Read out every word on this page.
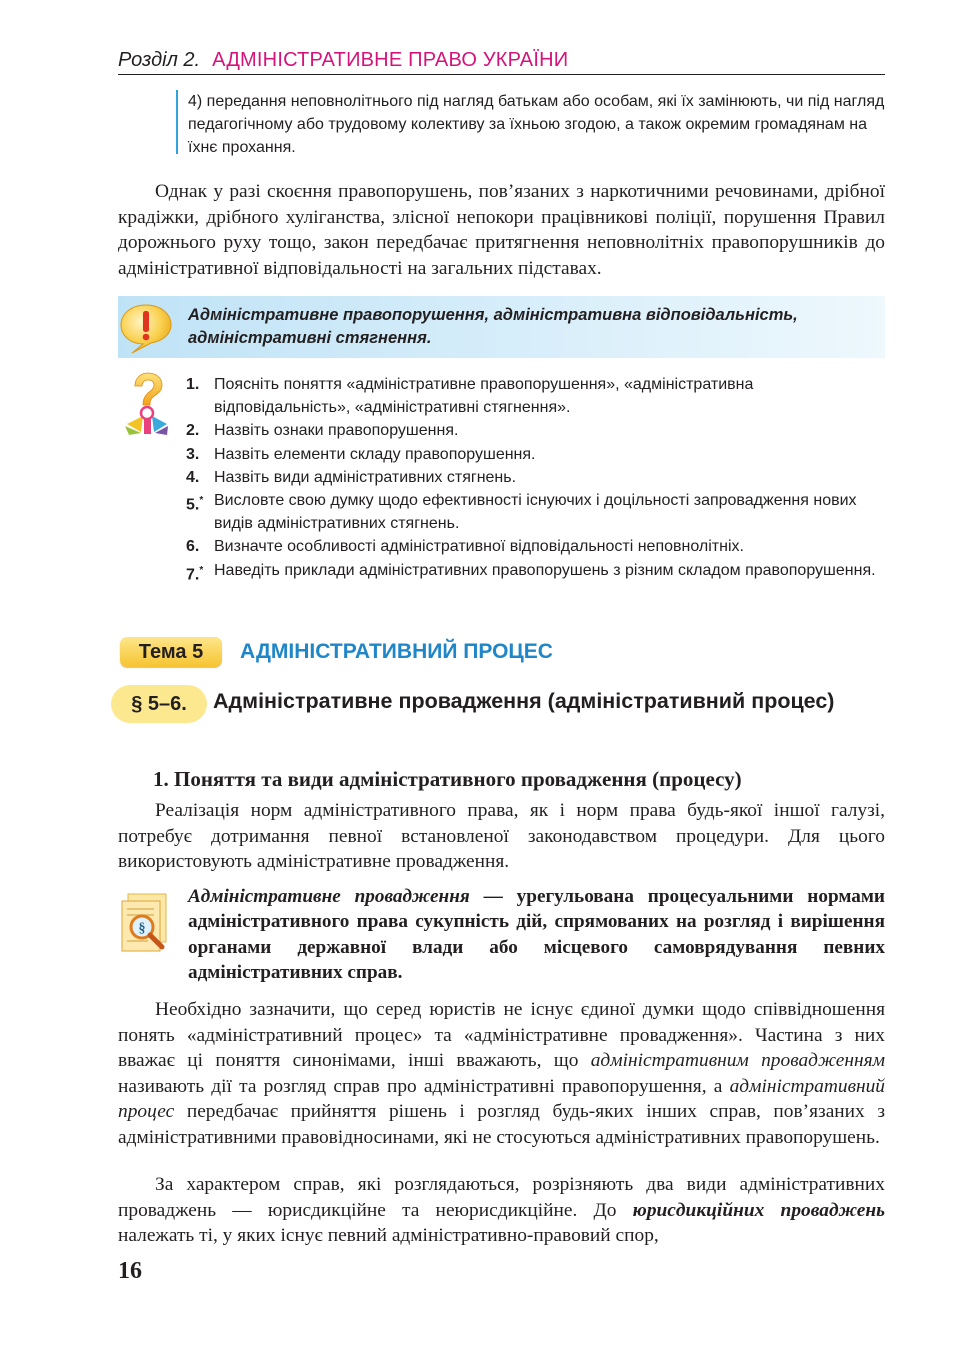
Розділ 2. АДМІНІСТРАТИВНЕ ПРАВО УКРАЇНИ
4) передання неповнолітнього під нагляд батькам або особам, які їх замінюють, чи під нагляд педагогічному або трудовому колективу за їхньою згодою, а також окремим громадянам на їхнє прохання.
Однак у разі скоєння правопорушень, пов’язаних з наркотичними речовинами, дрібної крадіжки, дрібного хуліганства, злісної непокори працівникові поліції, порушення Правил дорожнього руху тощо, закон передбачає притягнення неповнолітніх правопорушників до адміністративної відповідальності на загальних підставах.
Адміністративне правопорушення, адміністративна відповідальність, адміністративні стягнення.
1. Поясніть поняття «адміністративне правопорушення», «адміністративна відповідальність», «адміністративні стягнення».
2. Назвіть ознаки правопорушення.
3. Назвіть елементи складу правопорушення.
4. Назвіть види адміністративних стягнень.
5.* Висловте свою думку щодо ефективності існуючих і доцільності запровадження нових видів адміністративних стягнень.
6. Визначте особливості адміністративної відповідальності неповнолітніх.
7.* Наведіть приклади адміністративних правопорушень з різним складом правопорушення.
Тема 5	АДМІНІСТРАТИВНИЙ ПРОЦЕС
§ 5–6.	Адміністративне провадження (адміністративний процес)
1. Поняття та види адміністративного провадження (процесу)
Реалізація норм адміністративного права, як і норм права будь-якої іншої галузі, потребує дотримання певної встановленої законодавством процедури. Для цього використовують адміністративне провадження.
§
Адміністративне провадження — урегульована процесуальними нормами адміністративного права сукупність дій, спрямованих на розгляд і вирішення органами державної влади або місцевого самоврядування певних адміністративних справ.
Необхідно зазначити, що серед юристів не існує єдиної думки щодо співвідношення понять «адміністративний процес» та «адміністративне провадження». Частина з них вважає ці поняття синонімами, інші вважають, що адміністративним провадженням називають дії та розгляд справ про адміністративні правопорушення, а адміністративний процес передбачає прийняття рішень і розгляд будь-яких інших справ, пов’язаних з адміністративними правовідносинами, які не стосуються адміністративних правопорушень.
За характером справ, які розглядаються, розрізняють два види адміністративних проваджень — юрисдикційне та неюрисдикційне. До юрисдикційних проваджень належать ті, у яких існує певний адміністративно-правовий спор,
16
